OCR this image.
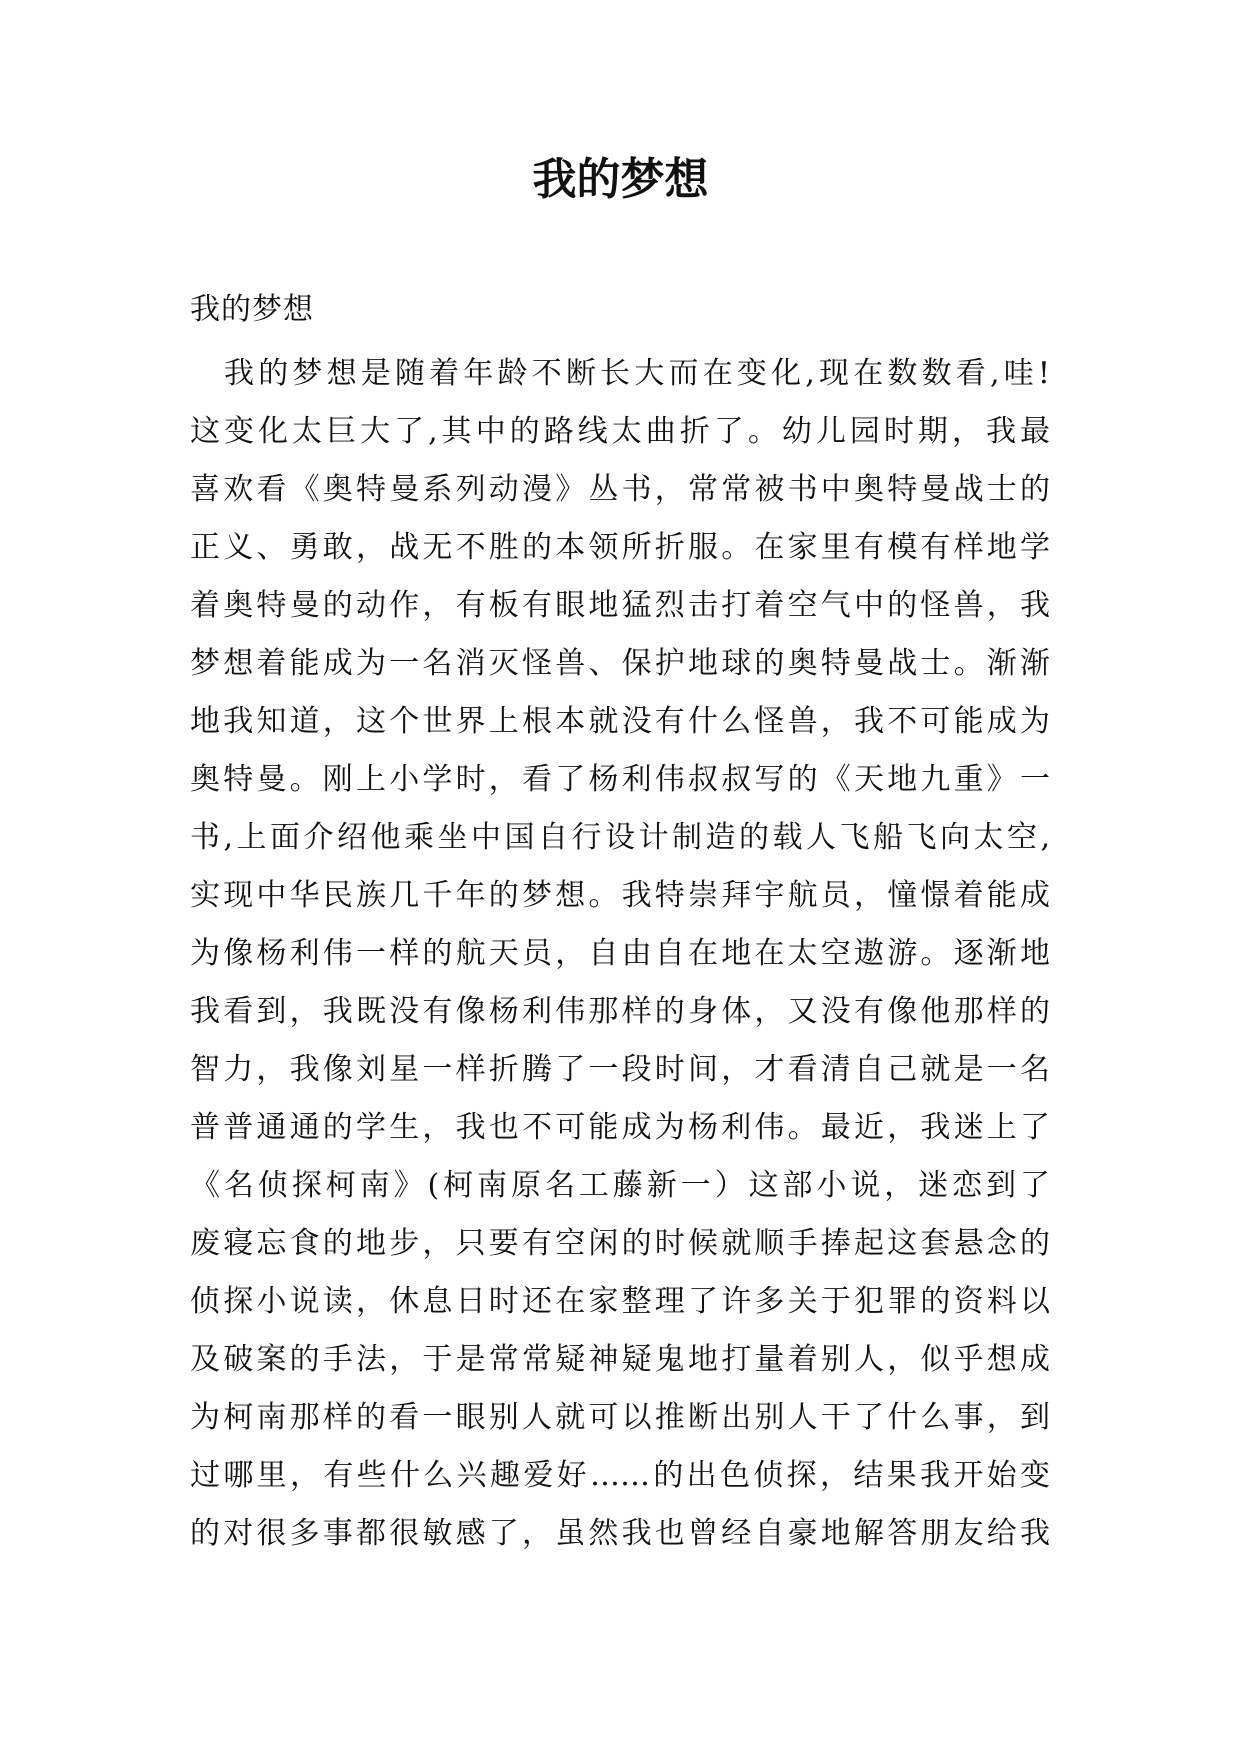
我的梦想

我的梦想

我的梦想是随着年龄不断长大而在变化,现在数数看,哇!
这变化太巨大了,其中的路线太曲折了。幼儿园时期，我最
喜欢看《奥特曼系列动漫》丛书，常常被书中奥特曼战士的
正义、勇敢，战无不胜的本领所折服。在家里有模有样地学
着奥特曼的动作，有板有眼地猛烈击打着空气中的怪兽，我
梦想着能成为一名消灭怪兽、保护地球的奥特曼战士。渐渐
地我知道，这个世界上根本就没有什么怪兽，我不可能成为
奥特曼。刚上小学时，看了杨利伟叔叔写的《天地九重》一
书,上面介绍他乘坐中国自行设计制造的载人飞船飞向太空,
实现中华民族几千年的梦想。我特崇拜宇航员，憧憬着能成
为像杨利伟一样的航天员，自由自在地在太空遨游。逐渐地
我看到，我既没有像杨利伟那样的身体，又没有像他那样的
智力，我像刘星一样折腾了一段时间，才看清自己就是一名
普普通通的学生，我也不可能成为杨利伟。最近，我迷上了
《名侦探柯南》(柯南原名工藤新一）这部小说，迷恋到了
废寝忘食的地步，只要有空闲的时候就顺手捧起这套悬念的
侦探小说读，休息日时还在家整理了许多关于犯罪的资料以
及破案的手法，于是常常疑神疑鬼地打量着别人，似乎想成
为柯南那样的看一眼别人就可以推断出别人干了什么事，到
过哪里，有些什么兴趣爱好……的出色侦探，结果我开始变
的对很多事都很敏感了，虽然我也曾经自豪地解答朋友给我
